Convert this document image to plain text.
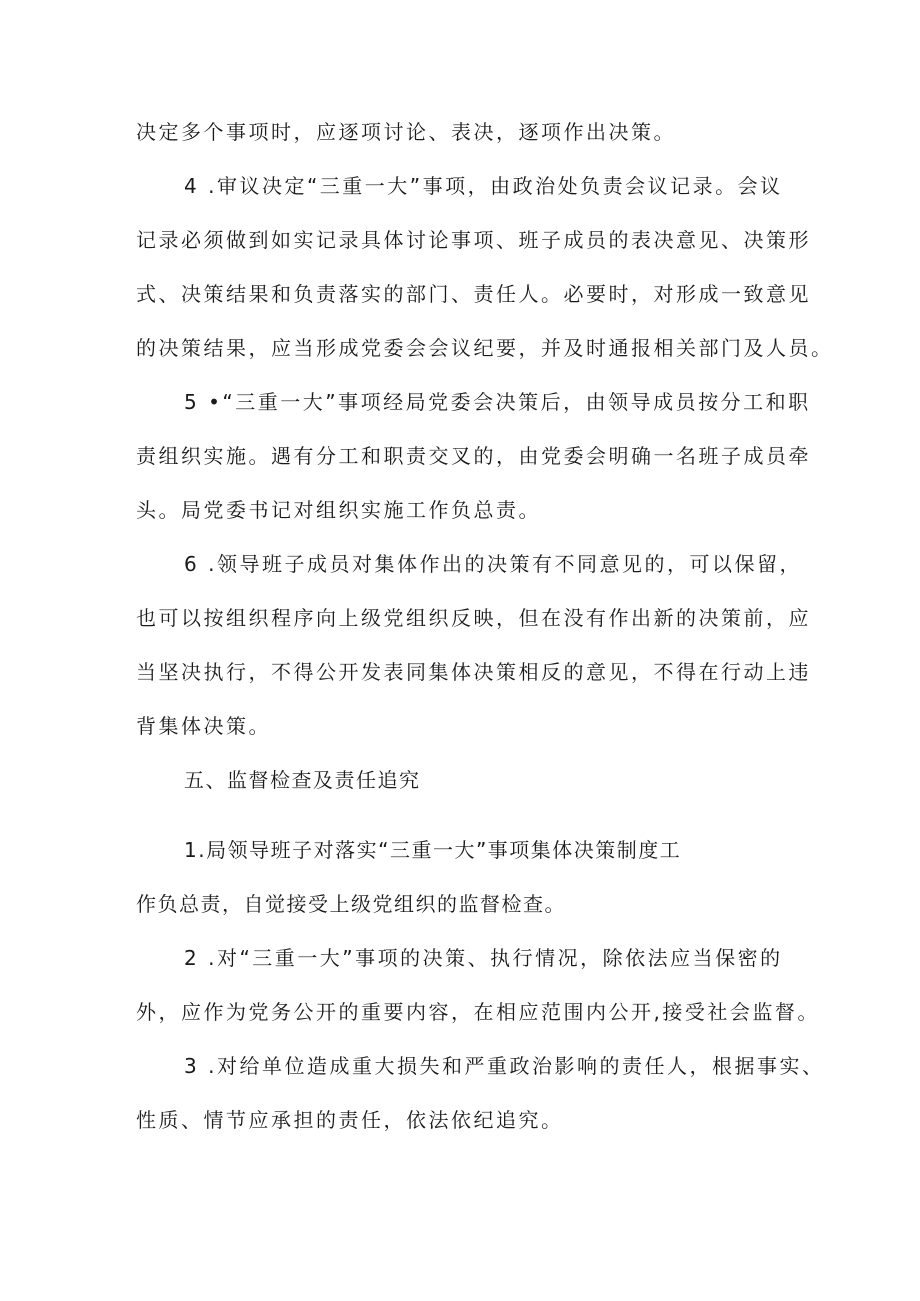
决定多个事项时，应逐项讨论、表决，逐项作出决策。

4 .审议决定“三重一大”事项，由政治处负责会议记录。会议

记录必须做到如实记录具体讨论事项、班子成员的表决意见、决策形

式、决策结果和负责落实的部门、责任人。必要时，对形成一致意见

的决策结果，应当形成党委会会议纪要，并及时通报相关部门及人员。

5 •“三重一大”事项经局党委会决策后，由领导成员按分工和职

责组织实施。遇有分工和职责交叉的，由党委会明确一名班子成员牵

头。局党委书记对组织实施工作负总责。

6 .领导班子成员对集体作出的决策有不同意见的，可以保留，

也可以按组织程序向上级党组织反映，但在没有作出新的决策前，应

当坚决执行，不得公开发表同集体决策相反的意见，不得在行动上违

背集体决策。

五、监督检查及责任追究

1.局领导班子对落实“三重一大”事项集体决策制度工

作负总责，自觉接受上级党组织的监督检查。

2 .对“三重一大”事项的决策、执行情况，除依法应当保密的

外，应作为党务公开的重要内容，在相应范围内公开,接受社会监督。

3 .对给单位造成重大损失和严重政治影响的责任人，根据事实、

性质、情节应承担的责任，依法依纪追究。
